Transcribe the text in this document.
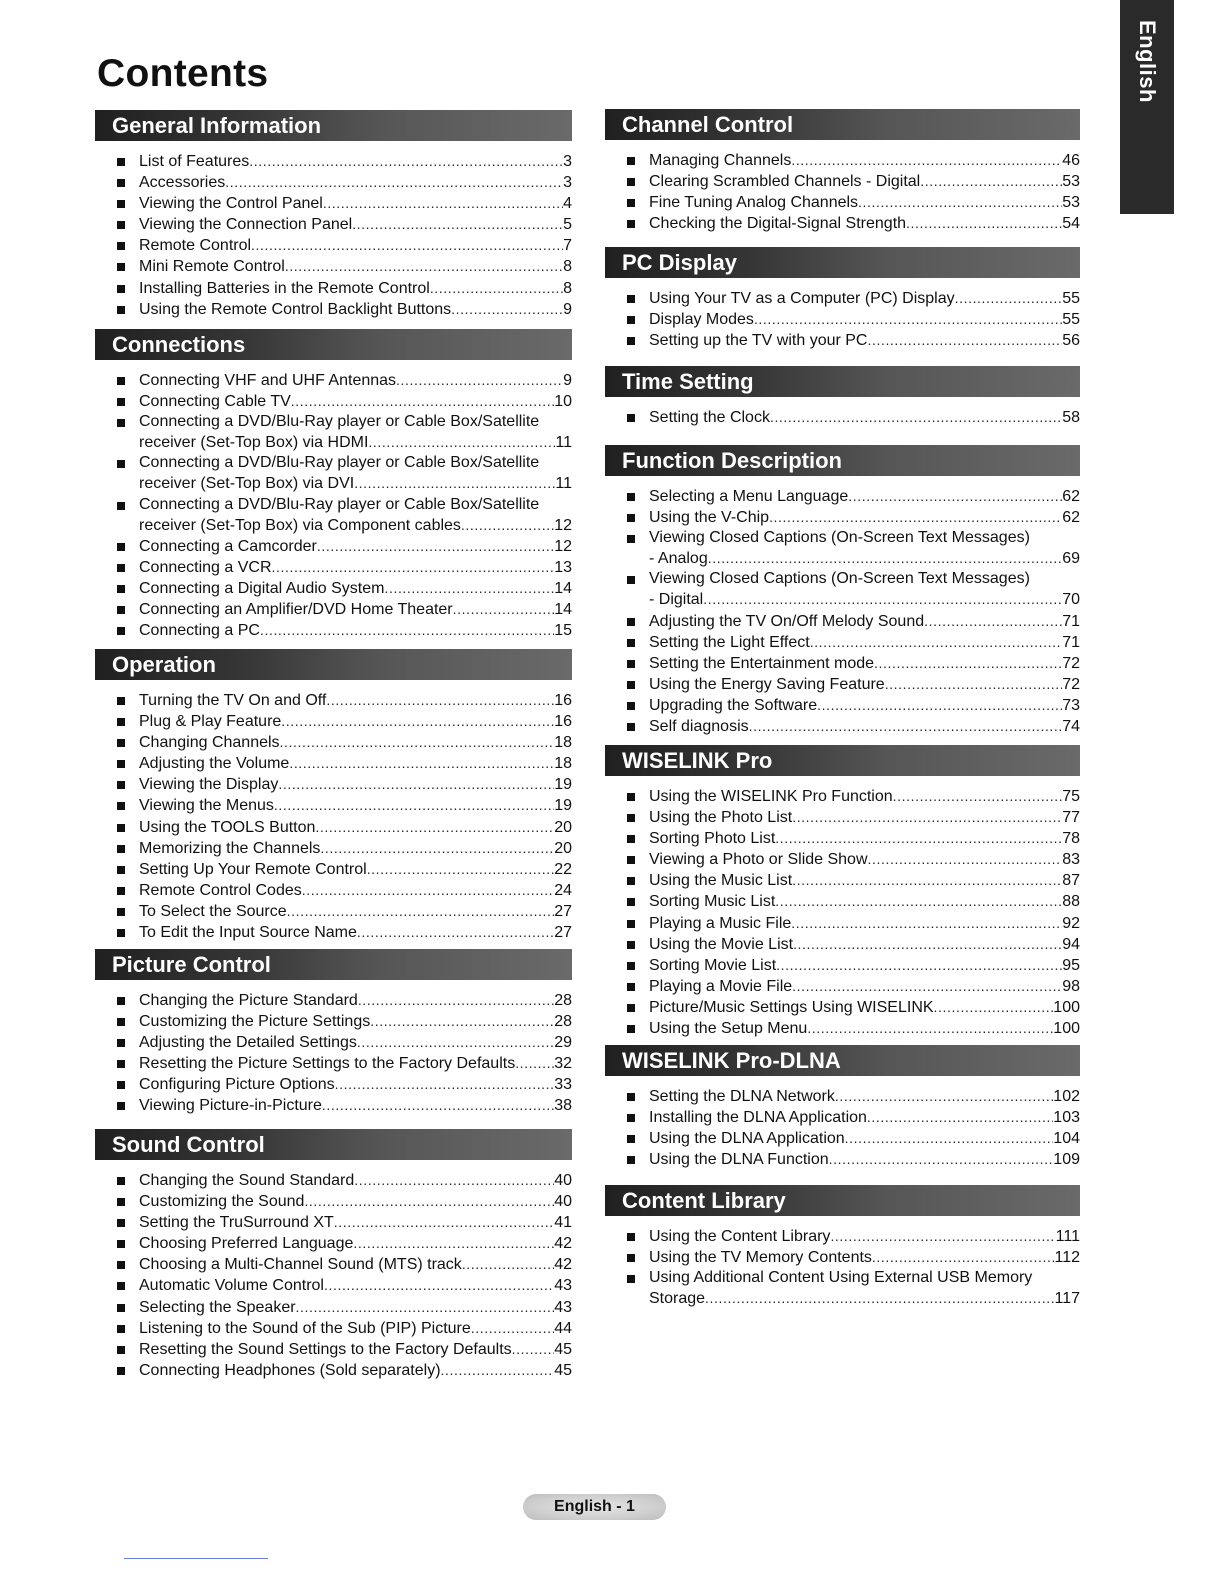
Contents	English
General Information
List of Features .....	3
Accessories .....	3
Viewing the Control Panel .....	4
Viewing the Connection Panel .....	5
Remote Control .....	7
Mini Remote Control .....	8
Installing Batteries in the Remote Control .....	8
Using the Remote Control Backlight Buttons .....	9
Connections
Connecting VHF and UHF Antennas .....	9
Connecting Cable TV .....	10
Connecting a DVD/Blu-Ray player or Cable Box/Satellite
receiver (Set-Top Box) via HDMI .....	11
Connecting a DVD/Blu-Ray player or Cable Box/Satellite
receiver (Set-Top Box) via DVI .....	11
Connecting a DVD/Blu-Ray player or Cable Box/Satellite
receiver (Set-Top Box) via Component cables .....	12
Connecting a Camcorder .....	12
Connecting a VCR .....	13
Connecting a Digital Audio System .....	14
Connecting an Amplifier/DVD Home Theater .....	14
Connecting a PC .....	15
Operation
Turning the TV On and Off .....	16
Plug & Play Feature .....	16
Changing Channels .....	18
Adjusting the Volume .....	18
Viewing the Display .....	19
Viewing the Menus .....	19
Using the TOOLS Button .....	20
Memorizing the Channels .....	20
Setting Up Your Remote Control .....	22
Remote Control Codes .....	24
To Select the Source .....	27
To Edit the Input Source Name .....	27
Picture Control
Changing the Picture Standard .....	28
Customizing the Picture Settings .....	28
Adjusting the Detailed Settings .....	29
Resetting the Picture Settings to the Factory Defaults ..... 32
Configuring Picture Options .....	33
Viewing Picture-in-Picture .....	38
Sound Control
Changing the Sound Standard .....	40
Customizing the Sound .....	40
Setting the TruSurround XT .....	41
Choosing Preferred Language .....	42
Choosing a Multi-Channel Sound (MTS) track .....	42
Automatic Volume Control .....	43
Selecting the Speaker .....	43
Listening to the Sound of the Sub (PIP) Picture .....	44
Resetting the Sound Settings to the Factory Defaults .....	45
Connecting Headphones (Sold separately) .....	45
Channel Control
Managing Channels .....	46
Clearing Scrambled Channels - Digital .....	53
Fine Tuning Analog Channels .....	53
Checking the Digital-Signal Strength .....	54
PC Display
Using Your TV as a Computer (PC) Display .....	55
Display Modes .....	55
Setting up the TV with your PC .....	56
Time Setting
Setting the Clock .....	58
Function Description
Selecting a Menu Language .....	62
Using the V-Chip .....	62
Viewing Closed Captions (On-Screen Text Messages)
- Analog .....	69
Viewing Closed Captions (On-Screen Text Messages)
- Digital .....	70
Adjusting the TV On/Off Melody Sound .....	71
Setting the Light Effect .....	71
Setting the Entertainment mode .....	72
Using the Energy Saving Feature .....	72
Upgrading the Software .....	73
Self diagnosis .....	74
WISELINK Pro
Using the WISELINK Pro Function .....	75
Using the Photo List .....	77
Sorting Photo List .....	78
Viewing a Photo or Slide Show .....	83
Using the Music List .....	87
Sorting Music List .....	88
Playing a Music File .....	92
Using the Movie List .....	94
Sorting Movie List .....	95
Playing a Movie File .....	98
Picture/Music Settings Using WISELINK .....	100
Using the Setup Menu .....	100
WISELINK Pro-DLNA
Setting the DLNA Network .....	102
Installing the DLNA Application .....	103
Using the DLNA Application .....	104
Using the DLNA Function .....	109
Content Library
Using the Content Library .....	111
Using the TV Memory Contents .....	112
Using Additional Content Using External USB Memory
Storage .....	117
English - 1
